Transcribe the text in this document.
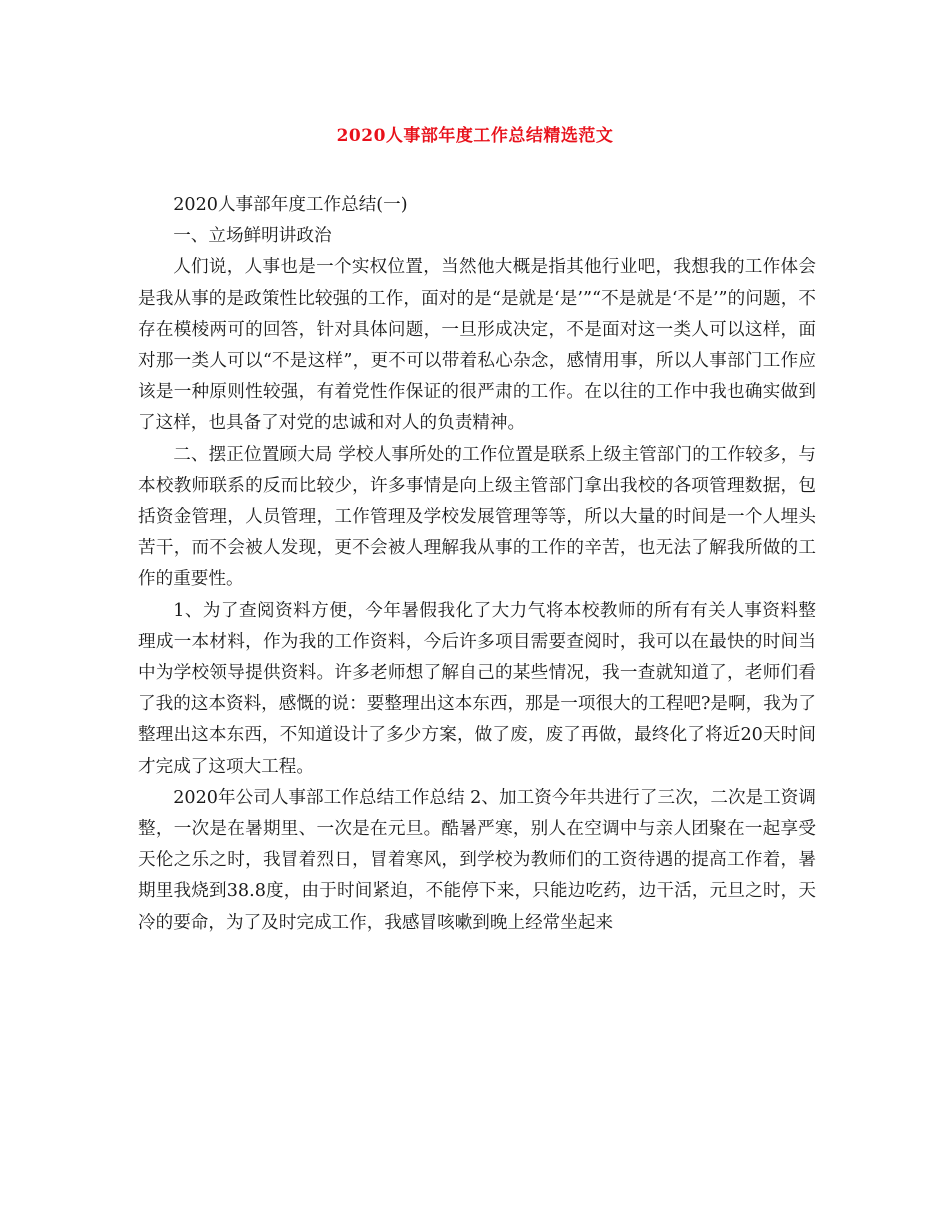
2020人事部年度工作总结精选范文

2020人事部年度工作总结(一)

一、立场鲜明讲政治

人们说，人事也是一个实权位置，当然他大概是指其他行业吧，我想我的工作体会是我从事的是政策性比较强的工作，面对的是“是就是‘是’”“不是就是‘不是’”的问题，不存在模棱两可的回答，针对具体问题，一旦形成决定，不是面对这一类人可以这样，面对那一类人可以“不是这样”，更不可以带着私心杂念，感情用事，所以人事部门工作应该是一种原则性较强，有着党性作保证的很严肃的工作。在以往的工作中我也确实做到了这样，也具备了对党的忠诚和对人的负责精神。

二、摆正位置顾大局 学校人事所处的工作位置是联系上级主管部门的工作较多，与本校教师联系的反而比较少，许多事情是向上级主管部门拿出我校的各项管理数据，包括资金管理，人员管理，工作管理及学校发展管理等等，所以大量的时间是一个人埋头苦干，而不会被人发现，更不会被人理解我从事的工作的辛苦，也无法了解我所做的工作的重要性。

1、为了查阅资料方便，今年暑假我化了大力气将本校教师的所有有关人事资料整理成一本材料，作为我的工作资料，今后许多项目需要查阅时，我可以在最快的时间当中为学校领导提供资料。许多老师想了解自己的某些情况，我一查就知道了，老师们看了我的这本资料，感慨的说：要整理出这本东西，那是一项很大的工程吧?是啊，我为了整理出这本东西，不知道设计了多少方案，做了废，废了再做，最终化了将近20天时间才完成了这项大工程。

2020年公司人事部工作总结工作总结 2、加工资今年共进行了三次，二次是工资调整，一次是在暑期里、一次是在元旦。酷暑严寒，别人在空调中与亲人团聚在一起享受天伦之乐之时，我冒着烈日，冒着寒风，到学校为教师们的工资待遇的提高工作着，暑期里我烧到38.8度，由于时间紧迫，不能停下来，只能边吃药，边干活，元旦之时，天冷的要命，为了及时完成工作，我感冒咳嗽到晚上经常坐起来
